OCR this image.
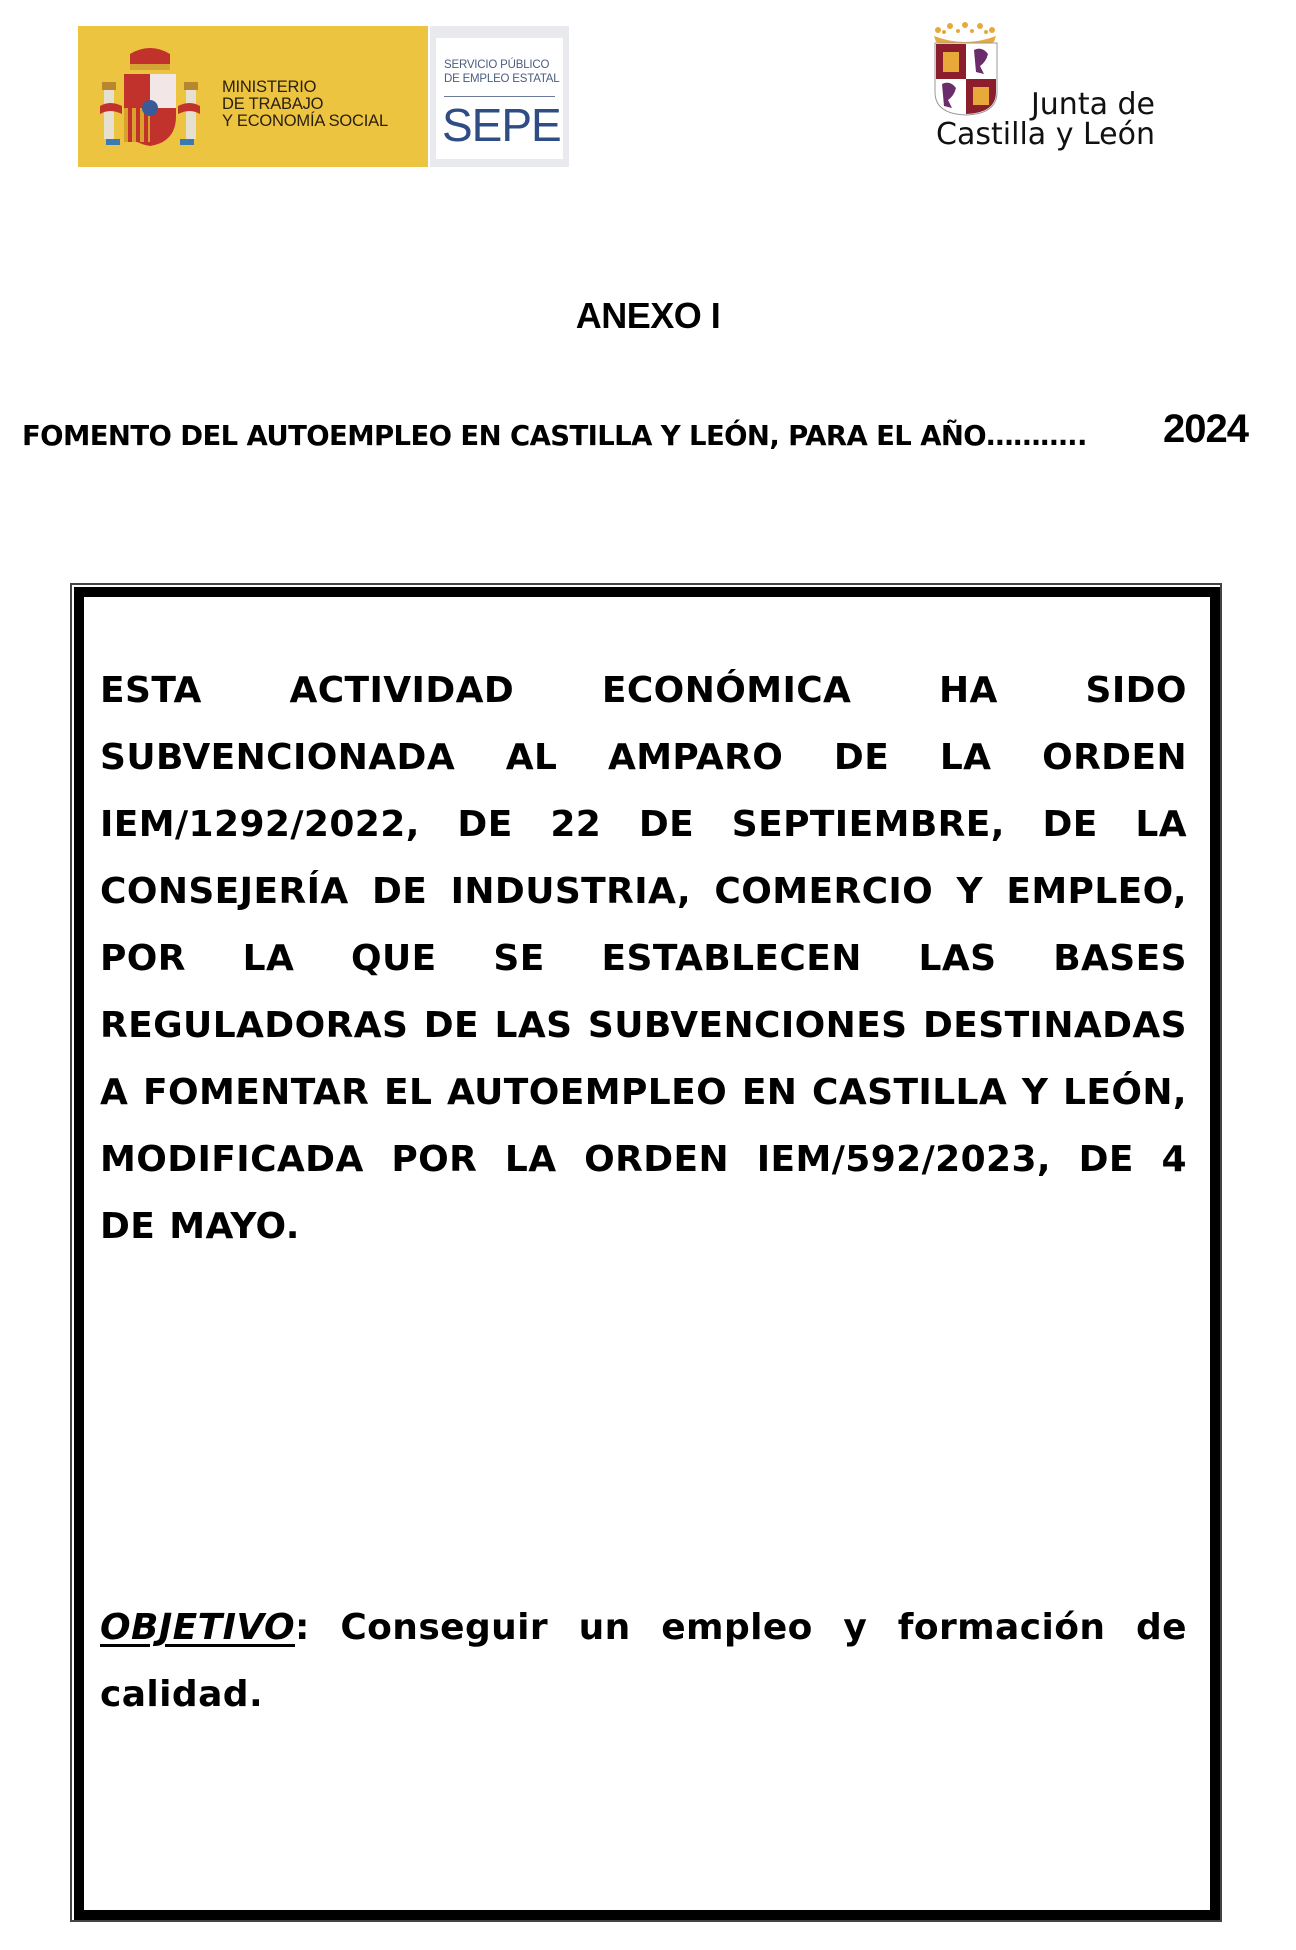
MINISTERIO
DE TRABAJO
Y ECONOMÍA SOCIAL
SERVICIO PÚBLICO
DE EMPLEO ESTATAL
SEPE	Junta de
Castilla y León
ANEXO I
FOMENTO DEL AUTOEMPLEO EN CASTILLA Y LEÓN, PARA EL AÑO……….. 2024
ESTA ACTIVIDAD ECONÓMICA HA SIDO
SUBVENCIONADA AL AMPARO DE LA ORDEN
IEM/1292/2022, DE 22 DE SEPTIEMBRE, DE LA
CONSEJERÍA DE INDUSTRIA, COMERCIO Y EMPLEO,
POR LA QUE SE ESTABLECEN LAS BASES
REGULADORAS DE LAS SUBVENCIONES DESTINADAS
A FOMENTAR EL AUTOEMPLEO EN CASTILLA Y LEÓN,
MODIFICADA POR LA ORDEN IEM/592/2023, DE 4
DE MAYO.
OBJETIVO: Conseguir un empleo y formación de
calidad.
